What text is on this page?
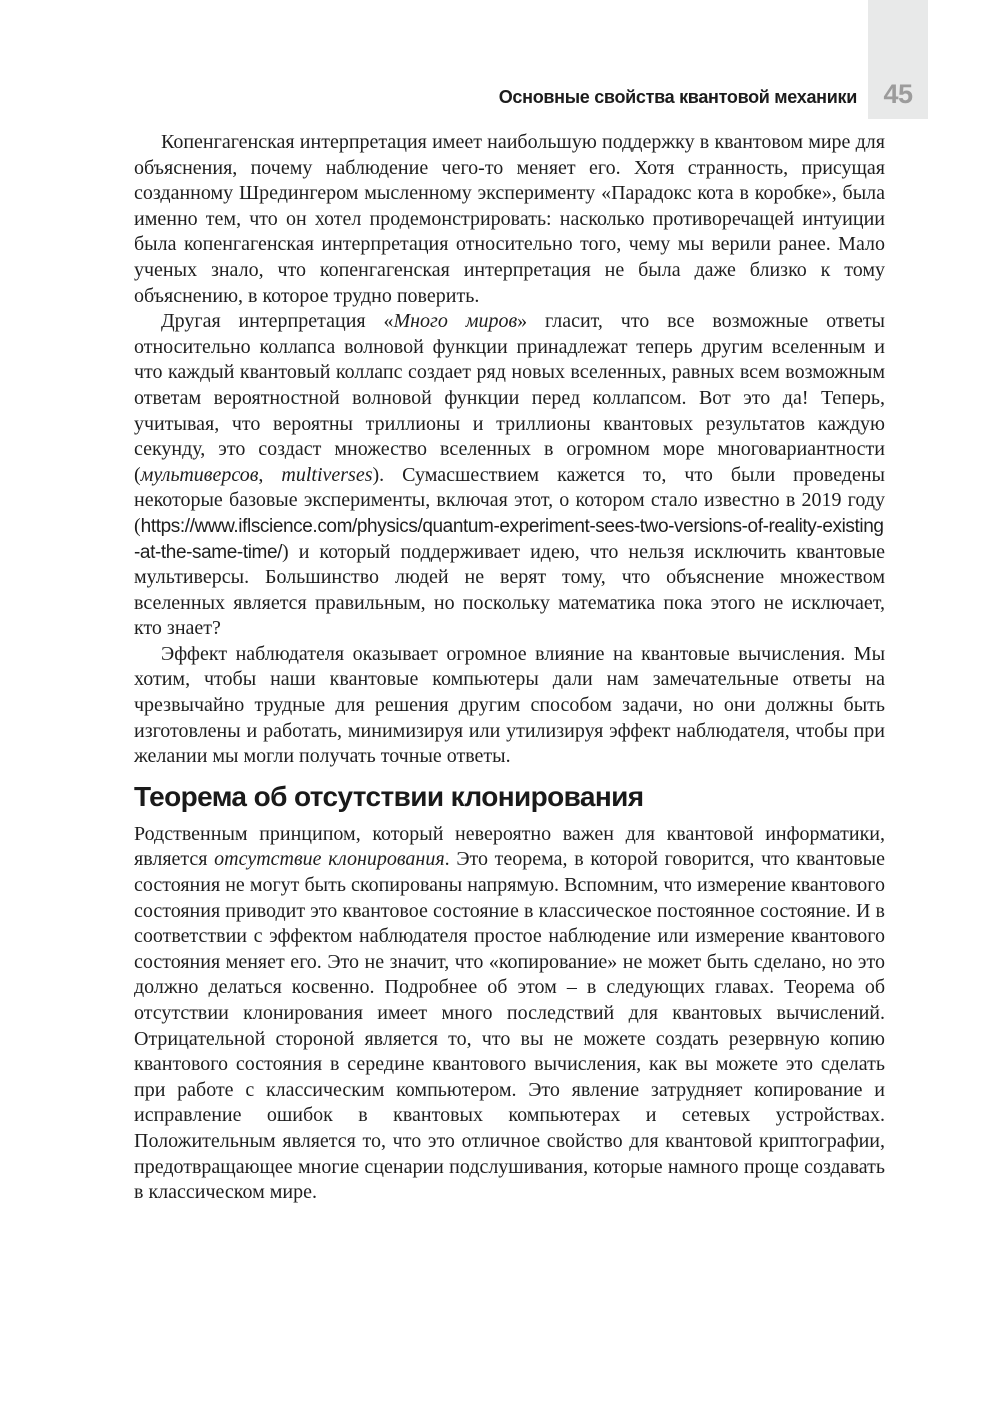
45
Основные свойства квантовой механики

Копенгагенская интерпретация имеет наибольшую поддержку в квантовом мире для объяснения, почему наблюдение чего-то меняет его. Хотя странность, присущая созданному Шредингером мысленному эксперименту «Парадокс кота в коробке», была именно тем, что он хотел продемонстрировать: насколько противоречащей интуиции была копенгагенская интерпретация относительно того, чему мы верили ранее. Мало ученых знало, что копенгагенская интерпретация не была даже близко к тому объяснению, в которое трудно поверить.

Другая интерпретация «Много миров» гласит, что все возможные ответы относительно коллапса волновой функции принадлежат теперь другим вселенным и что каждый квантовый коллапс создает ряд новых вселенных, равных всем возможным ответам вероятностной волновой функции перед коллапсом. Вот это да! Теперь, учитывая, что вероятны триллионы и триллионы квантовых результатов каждую секунду, это создаст множество вселенных в огромном море многовариантности (мультиверсов, multiverses). Сумасшествием кажется то, что были проведены некоторые базовые эксперименты, включая этот, о котором стало известно в 2019 году (https://www.iflscience.com/physics/quantum-experiment-sees-two-versions-of-reality-existing-at-the-same-time/) и который поддерживает идею, что нельзя исключить квантовые мультиверсы. Большинство людей не верят тому, что объяснение множеством вселенных является правильным, но поскольку математика пока этого не исключает, кто знает?

Эффект наблюдателя оказывает огромное влияние на квантовые вычисления. Мы хотим, чтобы наши квантовые компьютеры дали нам замечательные ответы на чрезвычайно трудные для решения другим способом задачи, но они должны быть изготовлены и работать, минимизируя или утилизируя эффект наблюдателя, чтобы при желании мы могли получать точные ответы.

Теорема об отсутствии клонирования

Родственным принципом, который невероятно важен для квантовой информатики, является отсутствие клонирования. Это теорема, в которой говорится, что квантовые состояния не могут быть скопированы напрямую. Вспомним, что измерение квантового состояния приводит это квантовое состояние в классическое постоянное состояние. И в соответствии с эффектом наблюдателя простое наблюдение или измерение квантового состояния меняет его. Это не значит, что «копирование» не может быть сделано, но это должно делаться косвенно. Подробнее об этом – в следующих главах. Теорема об отсутствии клонирования имеет много последствий для квантовых вычислений. Отрицательной стороной является то, что вы не можете создать резервную копию квантового состояния в середине квантового вычисления, как вы можете это сделать при работе с классическим компьютером. Это явление затрудняет копирование и исправление ошибок в квантовых компьютерах и сетевых устройствах. Положительным является то, что это отличное свойство для квантовой криптографии, предотвращающее многие сценарии подслушивания, которые намного проще создавать в классическом мире.
